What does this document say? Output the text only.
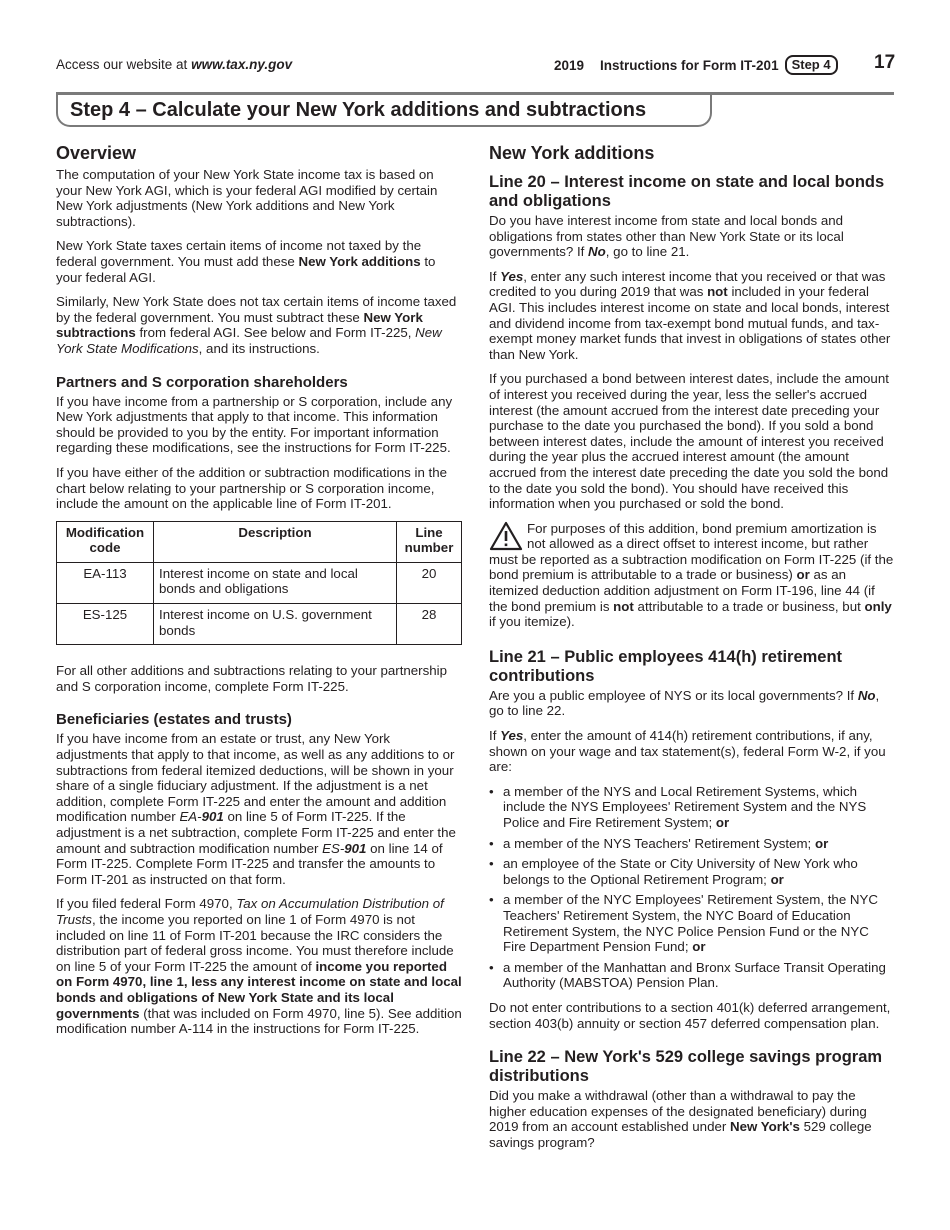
Access our website at www.tax.ny.gov	2019 Instructions for Form IT-201	Step 4	17
Step 4 – Calculate your New York additions and subtractions
Overview

The computation of your New York State income tax is based on your New York AGI, which is your federal AGI modified by certain New York adjustments (New York additions and New York subtractions).

New York State taxes certain items of income not taxed by the federal government. You must add these New York additions to your federal AGI.

Similarly, New York State does not tax certain items of income taxed by the federal government. You must subtract these New York subtractions from federal AGI. See below and Form IT-225, New York State Modifications, and its instructions.

Partners and S corporation shareholders

If you have income from a partnership or S corporation, include any New York adjustments that apply to that income. This information should be provided to you by the entity. For important information regarding these modifications, see the instructions for Form IT-225.

If you have either of the addition or subtraction modifications in the chart below relating to your partnership or S corporation income, include the amount on the applicable line of Form IT-201.

Modification code	Description	Line number
EA-113	Interest income on state and local bonds and obligations	20
ES-125	Interest income on U.S. government bonds	28

For all other additions and subtractions relating to your partnership and S corporation income, complete Form IT-225.

Beneficiaries (estates and trusts)

If you have income from an estate or trust, any New York adjustments that apply to that income, as well as any additions to or subtractions from federal itemized deductions, will be shown in your share of a single fiduciary adjustment. If the adjustment is a net addition, complete Form IT-225 and enter the amount and addition modification number EA-901 on line 5 of Form IT-225. If the adjustment is a net subtraction, complete Form IT-225 and enter the amount and subtraction modification number ES-901 on line 14 of Form IT-225. Complete Form IT-225 and transfer the amounts to Form IT-201 as instructed on that form.

If you filed federal Form 4970, Tax on Accumulation Distribution of Trusts, the income you reported on line 1 of Form 4970 is not included on line 11 of Form IT-201 because the IRC considers the distribution part of federal gross income. You must therefore include on line 5 of your Form IT-225 the amount of income you reported on Form 4970, line 1, less any interest income on state and local bonds and obligations of New York State and its local governments (that was included on Form 4970, line 5). See addition modification number A-114 in the instructions for Form IT-225.

New York additions
Line 20 – Interest income on state and local bonds and obligations

Do you have interest income from state and local bonds and obligations from states other than New York State or its local governments? If No, go to line 21.

If Yes, enter any such interest income that you received or that was credited to you during 2019 that was not included in your federal AGI. This includes interest income on state and local bonds, interest and dividend income from tax-exempt bond mutual funds, and tax-exempt money market funds that invest in obligations of states other than New York.

If you purchased a bond between interest dates, include the amount of interest you received during the year, less the seller's accrued interest (the amount accrued from the interest date preceding your purchase to the date you purchased the bond). If you sold a bond between interest dates, include the amount of interest you received during the year plus the accrued interest amount (the amount accrued from the interest date preceding the date you sold the bond to the date you sold the bond). You should have received this information when you purchased or sold the bond.

For purposes of this addition, bond premium amortization is not allowed as a direct offset to interest income, but rather must be reported as a subtraction modification on Form IT-225 (if the bond premium is attributable to a trade or business) or as an itemized deduction addition adjustment on Form IT-196, line 44 (if the bond premium is not attributable to a trade or business, but only if you itemize).
Line 21 – Public employees 414(h) retirement contributions

Are you a public employee of NYS or its local governments? If No, go to line 22.

If Yes, enter the amount of 414(h) retirement contributions, if any, shown on your wage and tax statement(s), federal Form W-2, if you are:

• a member of the NYS and Local Retirement Systems, which include the NYS Employees' Retirement System and the NYS Police and Fire Retirement System; or
• a member of the NYS Teachers' Retirement System; or
• an employee of the State or City University of New York who belongs to the Optional Retirement Program; or
• a member of the NYC Employees' Retirement System, the NYC Teachers' Retirement System, the NYC Board of Education Retirement System, the NYC Police Pension Fund or the NYC Fire Department Pension Fund; or
• a member of the Manhattan and Bronx Surface Transit Operating Authority (MABSTOA) Pension Plan.

Do not enter contributions to a section 401(k) deferred arrangement, section 403(b) annuity or section 457 deferred compensation plan.

Line 22 – New York's 529 college savings program distributions

Did you make a withdrawal (other than a withdrawal to pay the higher education expenses of the designated beneficiary) during 2019 from an account established under New York's 529 college savings program?
